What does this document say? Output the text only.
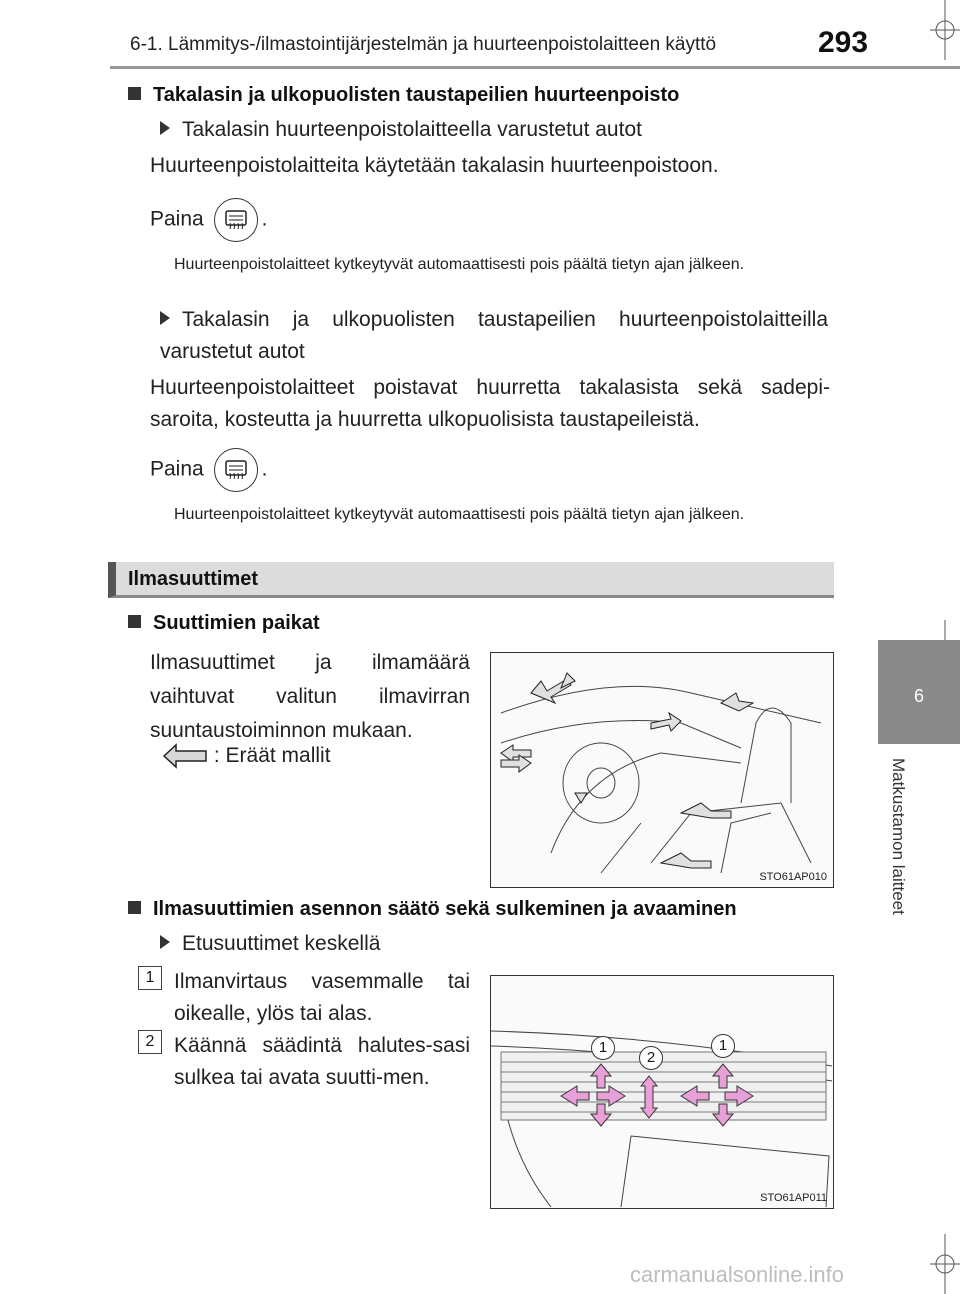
6-1. Lämmitys-/ilmastointijärjestelmän ja huurteenpoistolaitteen käyttö	293
6
Matkustamon laitteet
Takalasin ja ulkopuolisten taustapeilien huurteenpoisto
Takalasin huurteenpoistolaitteella varustetut autot
Huurteenpoistolaitteita käytetään takalasin huurteenpoistoon.
Paina	.
Huurteenpoistolaitteet kytkeytyvät automaattisesti pois päältä tietyn ajan jälkeen.
Takalasin ja ulkopuolisten taustapeilien huurteenpoistolaitteilla varustetut autot
Huurteenpoistolaitteet poistavat huurretta takalasista sekä sadepi-saroita, kosteutta ja huurretta ulkopuolisista taustapeileistä.
Paina	.
Huurteenpoistolaitteet kytkeytyvät automaattisesti pois päältä tietyn ajan jälkeen.
Ilmasuuttimet
Suuttimien paikat
Ilmasuuttimet ja ilmamäärä vaihtuvat valitun ilmavirran suuntaustoiminnon mukaan.
: Eräät mallit
STO61AP010
Ilmasuuttimien asennon säätö sekä sulkeminen ja avaaminen
Etusuuttimet keskellä
1 Ilmanvirtaus vasemmalle tai oikealle, ylös tai alas.
2 Käännä säädintä halutes-sasi sulkea tai avata suutti-men.
1
2
1
STO61AP011
carmanualsonline.info
